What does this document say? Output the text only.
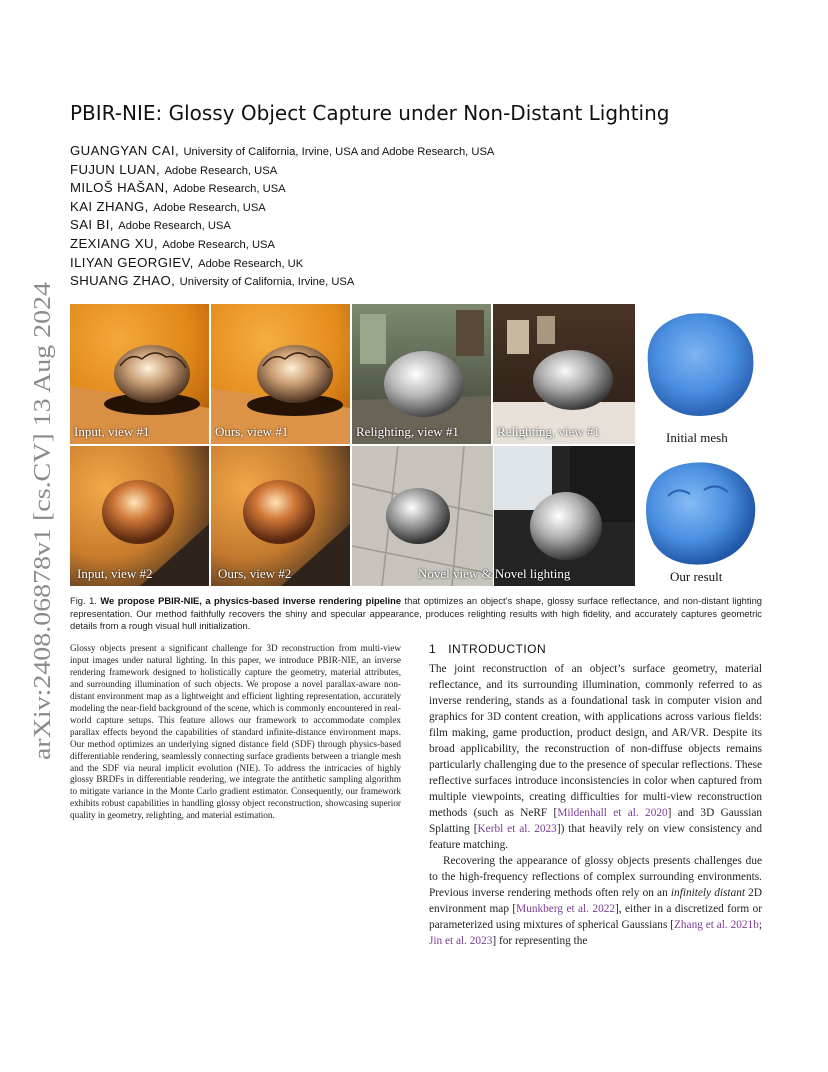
arXiv:2408.06878v1 [cs.CV] 13 Aug 2024
PBIR-NIE: Glossy Object Capture under Non-Distant Lighting
GUANGYAN CAI, University of California, Irvine, USA and Adobe Research, USA
FUJUN LUAN, Adobe Research, USA
MILOŠ HAŠAN, Adobe Research, USA
KAI ZHANG, Adobe Research, USA
SAI BI, Adobe Research, USA
ZEXIANG XU, Adobe Research, USA
ILIYAN GEORGIEV, Adobe Research, UK
SHUANG ZHAO, University of California, Irvine, USA
Input, view #1	Ours, view #1	Relighting, view #1	Relighting, view #1	Initial mesh
Input, view #2	Ours, view #2	Novel view & Novel lighting	Our result
Fig. 1. We propose PBIR-NIE, a physics-based inverse rendering pipeline that optimizes an object’s shape, glossy surface reflectance, and non-distant lighting representation. Our method faithfully recovers the shiny and specular appearance, produces relighting results with high fidelity, and accurately captures geometric details from a rough visual hull initialization.
Glossy objects present a significant challenge for 3D reconstruction from multi-view input images under natural lighting. In this paper, we introduce PBIR-NIE, an inverse rendering framework designed to holistically capture the geometry, material attributes, and surrounding illumination of such objects. We propose a novel parallax-aware non-distant environment map as a lightweight and efficient lighting representation, accurately modeling the near-field background of the scene, which is commonly encountered in real-world capture setups. This feature allows our framework to accommodate complex parallax effects beyond the capabilities of standard infinite-distance environment maps. Our method optimizes an underlying signed distance field (SDF) through physics-based differentiable rendering, seamlessly connecting surface gradients between a triangle mesh and the SDF via neural implicit evolution (NIE). To address the intricacies of highly glossy BRDFs in differentiable rendering, we integrate the antithetic sampling algorithm to mitigate variance in the Monte Carlo gradient estimator. Consequently, our framework exhibits robust capabilities in handling glossy object reconstruction, showcasing superior quality in geometry, relighting, and material estimation.
1 INTRODUCTION

The joint reconstruction of an object’s surface geometry, material reflectance, and its surrounding illumination, commonly referred to as inverse rendering, stands as a foundational task in computer vision and graphics for 3D content creation, with applications across various fields: film making, game production, product design, and AR/VR. Despite its broad applicability, the reconstruction of non-diffuse objects remains particularly challenging due to the presence of specular reflections. These reflective surfaces introduce inconsistencies in color when captured from multiple viewpoints, creating difficulties for multi-view reconstruction methods (such as NeRF [Mildenhall et al. 2020] and 3D Gaussian Splatting [Kerbl et al. 2023]) that heavily rely on view consistency and feature matching.

Recovering the appearance of glossy objects presents challenges due to the high-frequency reflections of complex surrounding environments. Previous inverse rendering methods often rely on an infinitely distant 2D environment map [Munkberg et al. 2022], either in a discretized form or parameterized using mixtures of spherical Gaussians [Zhang et al. 2021b; Jin et al. 2023] for representing the
